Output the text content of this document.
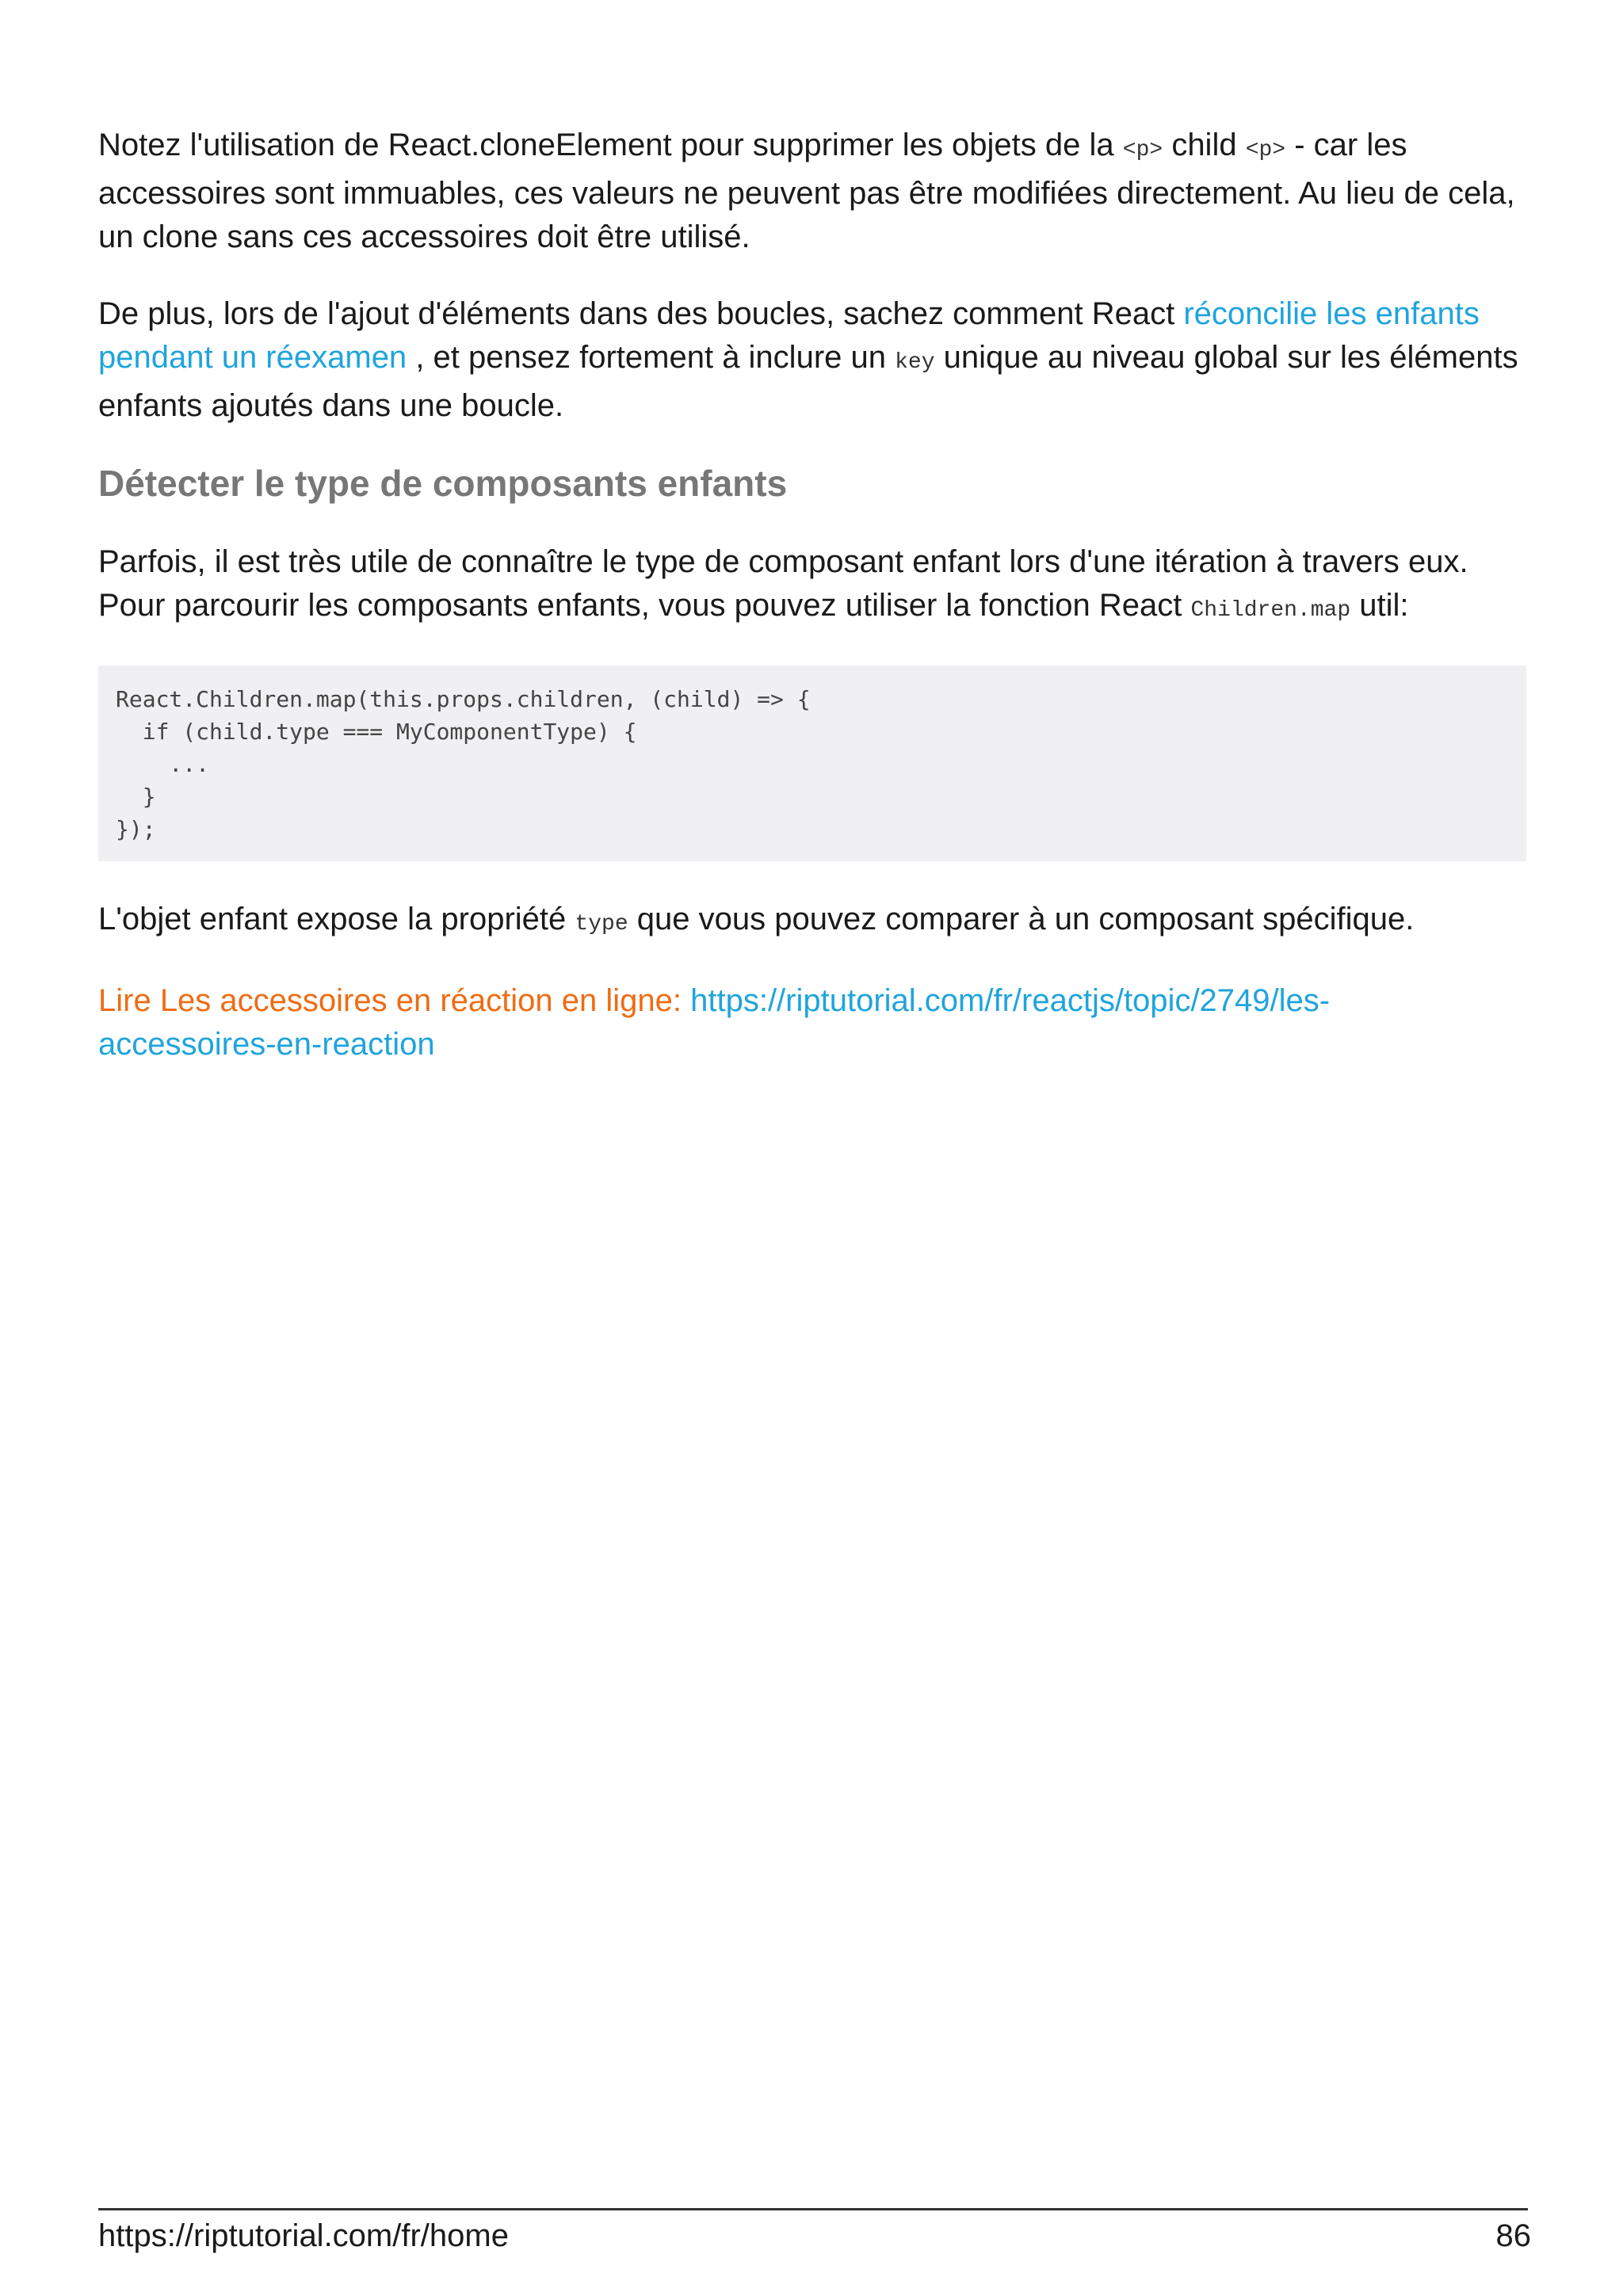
Notez l'utilisation de React.cloneElement pour supprimer les objets de la <p> child <p> - car les accessoires sont immuables, ces valeurs ne peuvent pas être modifiées directement. Au lieu de cela, un clone sans ces accessoires doit être utilisé.

De plus, lors de l'ajout d'éléments dans des boucles, sachez comment React réconcilie les enfants pendant un réexamen , et pensez fortement à inclure un key unique au niveau global sur les éléments enfants ajoutés dans une boucle.

Détecter le type de composants enfants

Parfois, il est très utile de connaître le type de composant enfant lors d'une itération à travers eux. Pour parcourir les composants enfants, vous pouvez utiliser la fonction React Children.map util:

React.Children.map(this.props.children, (child) => {
if (child.type === MyComponentType) {
...
}
});

L'objet enfant expose la propriété type que vous pouvez comparer à un composant spécifique.

Lire Les accessoires en réaction en ligne: https://riptutorial.com/fr/reactjs/topic/2749/les-
accessoires-en-reaction

https://riptutorial.com/fr/home	86
